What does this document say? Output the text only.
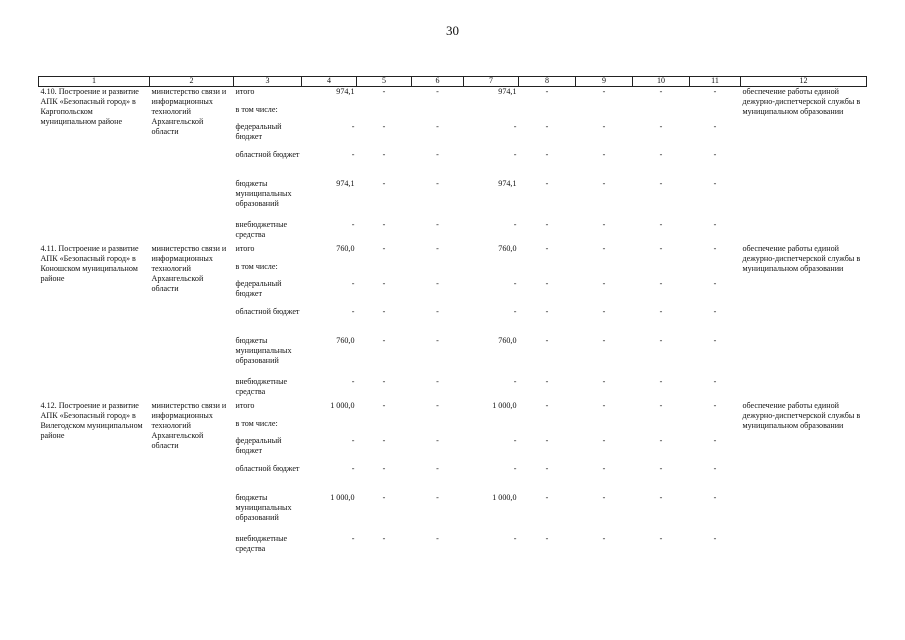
30
1	2	3	4	5	6	7	8	9	10	11	12
4.10. Построение и развитие АПК «Безопасный город» в Каргопольском муниципальном районе	министерство связи и информационных технологий Архангельской области	итого	974,1	-	-	974,1	-	-	-	-	обеспечение работы единой дежурно-диспетчерской службы в муниципальном образовании
		в том числе:									
		федеральный бюджет	-	-	-	-	-	-	-	-	
		областной бюджет	-	-	-	-	-	-	-	-	
		бюджеты муниципальных образований	974,1	-	-	974,1	-	-	-	-	
		внебюджетные средства	-	-	-	-	-	-	-	-	
4.11. Построение и развитие АПК «Безопасный город» в Коношском муниципальном районе	министерство связи и информационных технологий Архангельской области	итого	760,0	-	-	760,0	-	-	-	-	обеспечение работы единой дежурно-диспетчерской службы в муниципальном образовании
		в том числе:									
		федеральный бюджет	-	-	-	-	-	-	-	-	
		областной бюджет	-	-	-	-	-	-	-	-	
		бюджеты муниципальных образований	760,0	-	-	760,0	-	-	-	-	
		внебюджетные средства	-	-	-	-	-	-	-	-	
4.12. Построение и развитие АПК «Безопасный город» в Вилегодском муниципальном районе	министерство связи и информационных технологий Архангельской области	итого	1 000,0	-	-	1 000,0	-	-	-	-	обеспечение работы единой дежурно-диспетчерской службы в муниципальном образовании
		в том числе:									
		федеральный бюджет	-	-	-	-	-	-	-	-	
		областной бюджет	-	-	-	-	-	-	-	-	
		бюджеты муниципальных образований	1 000,0	-	-	1 000,0	-	-	-	-	
		внебюджетные средства	-	-	-	-	-	-	-	-	
